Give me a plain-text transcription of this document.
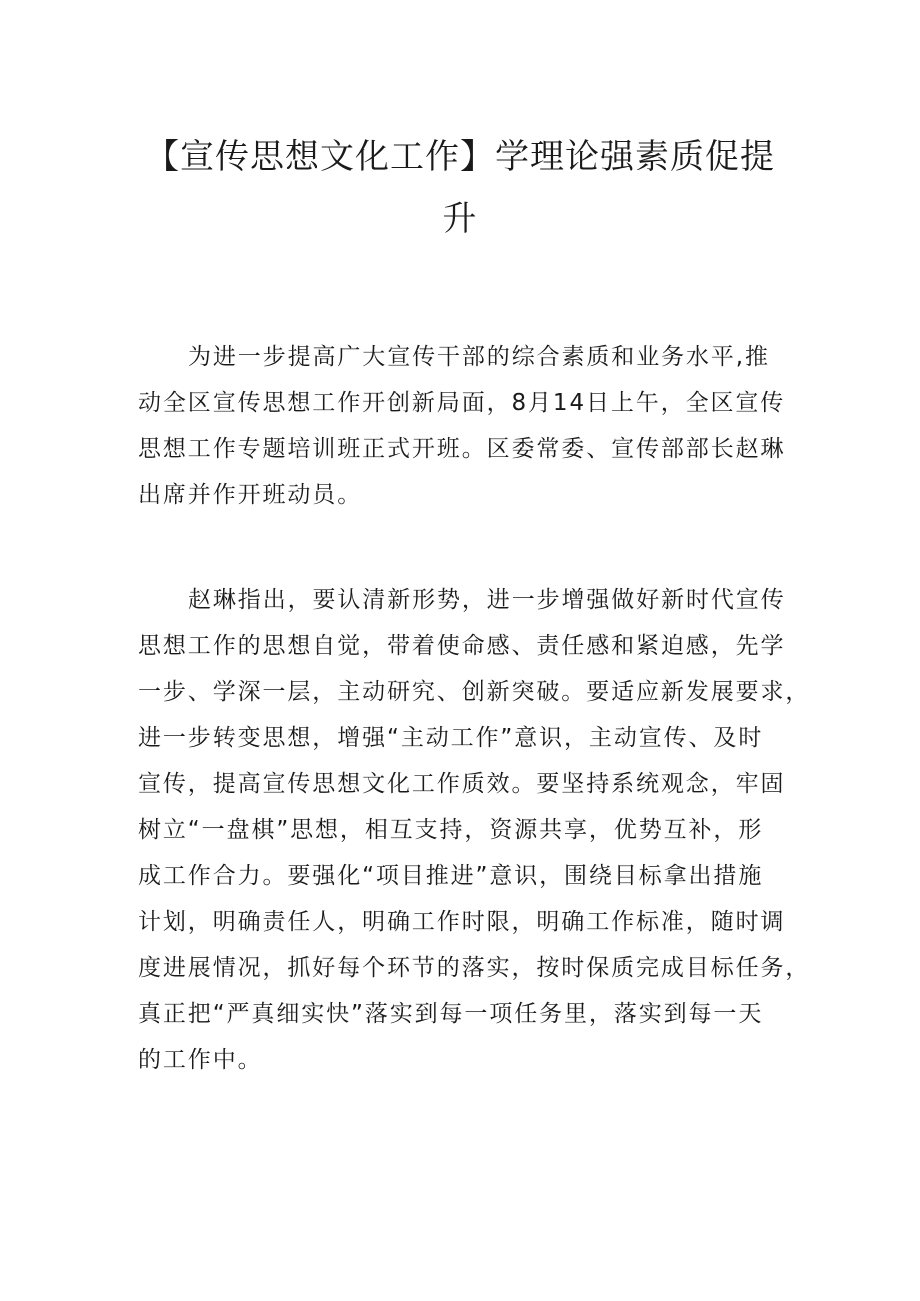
【宣传思想文化工作】学理论强素质促提
升
为进一步提高广大宣传干部的综合素质和业务水平,推
动全区宣传思想工作开创新局面，8月14日上午，全区宣传
思想工作专题培训班正式开班。区委常委、宣传部部长赵琳
出席并作开班动员。
赵琳指出，要认清新形势，进一步增强做好新时代宣传
思想工作的思想自觉，带着使命感、责任感和紧迫感，先学
一步、学深一层，主动研究、创新突破。要适应新发展要求，
进一步转变思想，增强“主动工作”意识，主动宣传、及时
宣传，提高宣传思想文化工作质效。要坚持系统观念，牢固
树立“一盘棋”思想，相互支持，资源共享，优势互补，形
成工作合力。要强化“项目推进”意识，围绕目标拿出措施
计划，明确责任人，明确工作时限，明确工作标准，随时调
度进展情况，抓好每个环节的落实，按时保质完成目标任务，
真正把“严真细实快”落实到每一项任务里，落实到每一天
的工作中。
